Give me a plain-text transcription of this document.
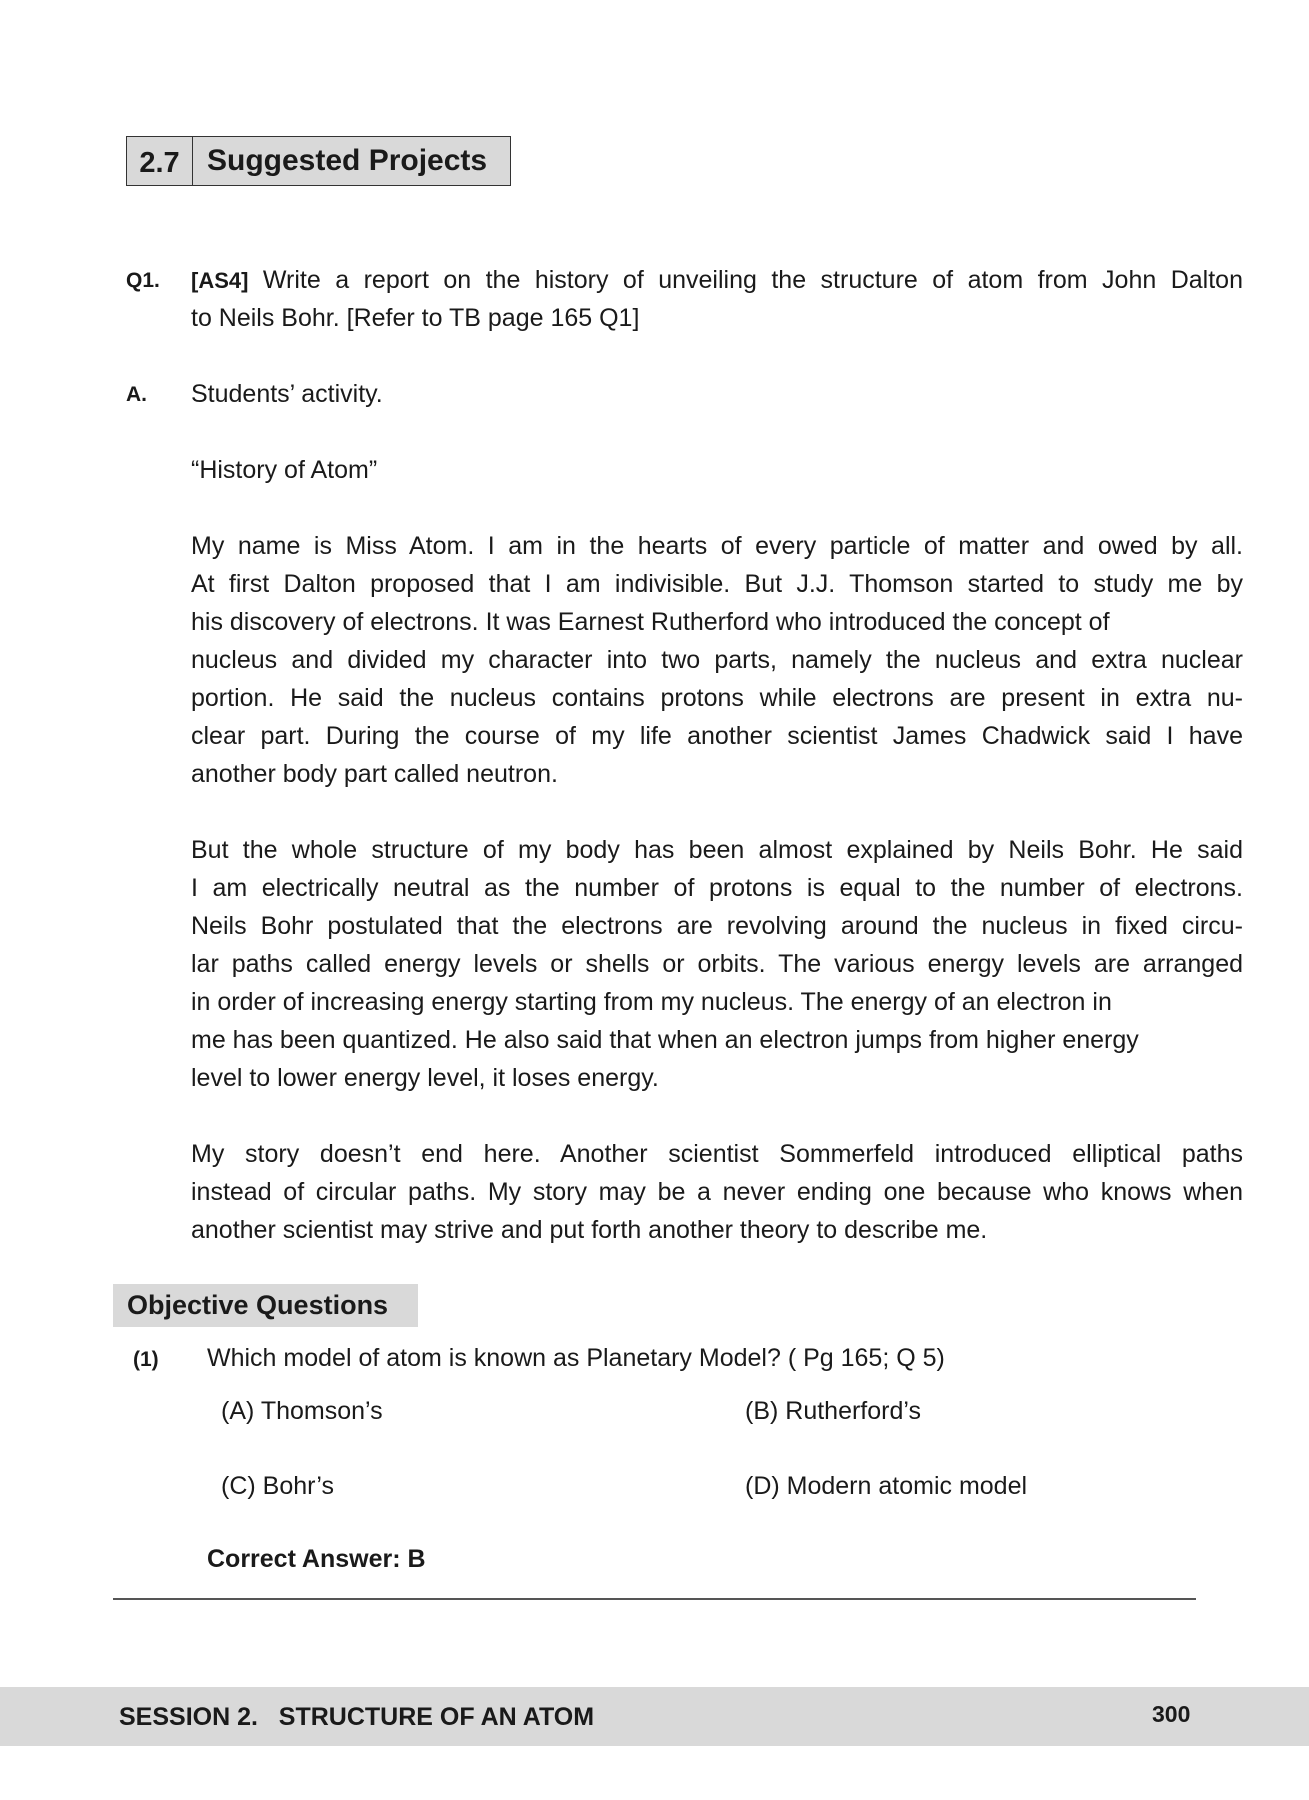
2.7 Suggested Projects
Q1. [AS4] Write a report on the history of unveiling the structure of atom from John Dalton
to Neils Bohr. [Refer to TB page 165 Q1]
A. Students’ activity.
“History of Atom”
My name is Miss Atom. I am in the hearts of every particle of matter and owed by all.
At first Dalton proposed that I am indivisible. But J.J. Thomson started to study me by
his discovery of electrons. It was Earnest Rutherford who introduced the concept of
nucleus and divided my character into two parts, namely the nucleus and extra nuclear
portion. He said the nucleus contains protons while electrons are present in extra nu-
clear part. During the course of my life another scientist James Chadwick said I have
another body part called neutron.
But the whole structure of my body has been almost explained by Neils Bohr. He said
I am electrically neutral as the number of protons is equal to the number of electrons.
Neils Bohr postulated that the electrons are revolving around the nucleus in fixed circu-
lar paths called energy levels or shells or orbits. The various energy levels are arranged
in order of increasing energy starting from my nucleus. The energy of an electron in
me has been quantized. He also said that when an electron jumps from higher energy
level to lower energy level, it loses energy.
My story doesn’t end here. Another scientist Sommerfeld introduced elliptical paths
instead of circular paths. My story may be a never ending one because who knows when
another scientist may strive and put forth another theory to describe me.
Objective Questions
(1) Which model of atom is known as Planetary Model? ( Pg 165; Q 5)
(A) Thomson’s	(B) Rutherford’s
(C) Bohr’s	(D) Modern atomic model
Correct Answer: B
SESSION 2.   STRUCTURE OF AN ATOM	300
